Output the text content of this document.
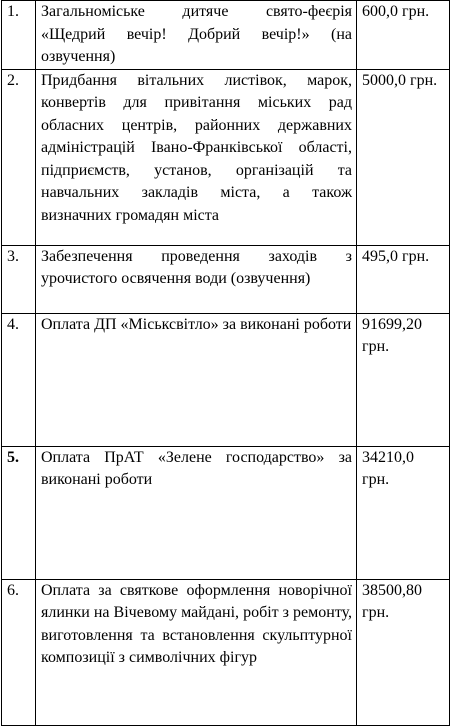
1.	Загальноміське дитяче свято-феєрія «Щедрий вечір! Добрий вечір!» (на озвучення)	600,0 грн.
2.	Придбання вітальних листівок, марок, конвертів для привітання міських рад обласних центрів, районних державних адміністрацій Івано-Франківської області, підприємств, установ, організацій та навчальних закладів міста, а також визначних громадян міста	5000,0 грн.
3.	Забезпечення проведення заходів з урочистого освячення води (озвучення)	495,0 грн.
4.	Оплата ДП «Міськсвітло» за виконані роботи	91699,20 грн.
5.	Оплата ПрАТ «Зелене господарство» за виконані роботи	34210,0 грн.
6.	Оплата за святкове оформлення новорічної ялинки на Вічевому майдані, робіт з ремонту, виготовлення та встановлення скульптурної композиції з символічних фігур	38500,80 грн.
